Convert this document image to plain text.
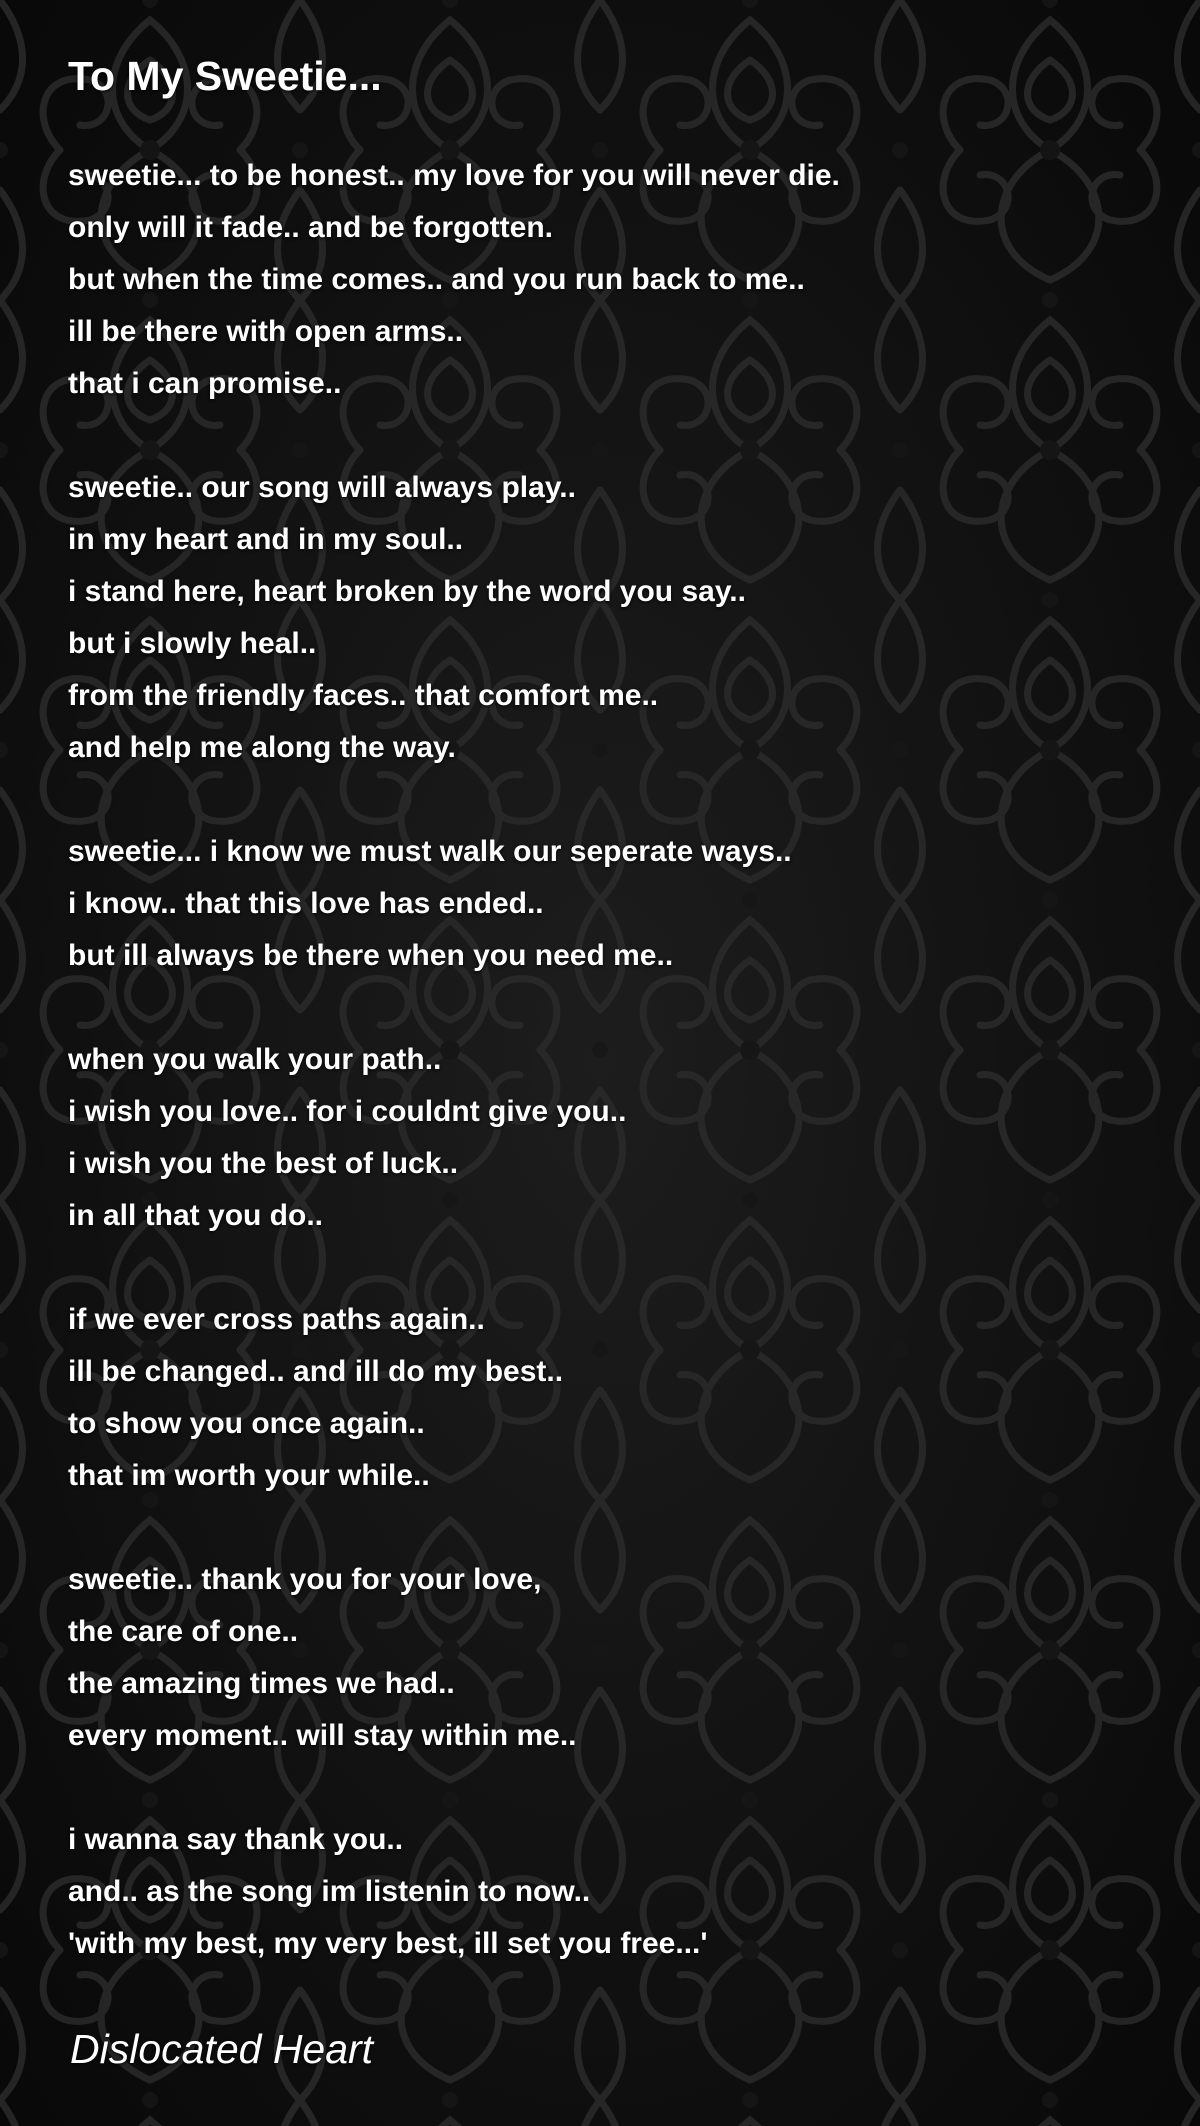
To My Sweetie...
sweetie... to be honest.. my love for you will never die.
only will it fade.. and be forgotten.
but when the time comes.. and you run back to me..
ill be there with open arms..
that i can promise..
sweetie.. our song will always play..
in my heart and in my soul..
i stand here, heart broken by the word you say..
but i slowly heal..
from the friendly faces.. that comfort me..
and help me along the way.
sweetie... i know we must walk our seperate ways..
i know.. that this love has ended..
but ill always be there when you need me..
when you walk your path..
i wish you love.. for i couldnt give you..
i wish you the best of luck..
in all that you do..
if we ever cross paths again..
ill be changed.. and ill do my best..
to show you once again..
that im worth your while..
sweetie.. thank you for your love,
the care of one..
the amazing times we had..
every moment.. will stay within me..
i wanna say thank you..
and.. as the song im listenin to now..
'with my best, my very best, ill set you free...'

Dislocated Heart
